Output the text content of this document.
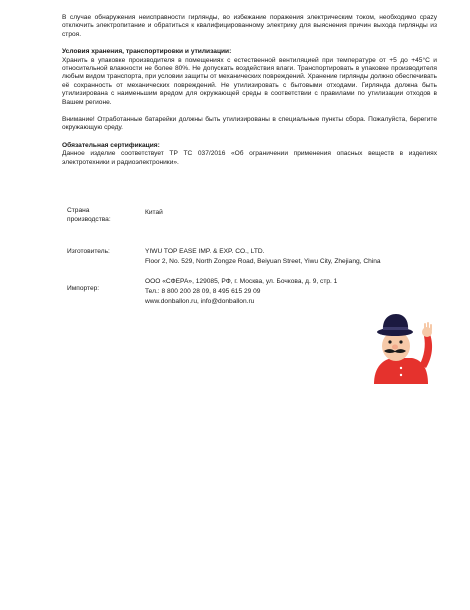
В случае обнаружения неисправности гирлянды, во избежание поражения электрическим током, необходимо срazy отключить электропитание и обратиться к квалифицированному электрику для выяснения причин выхода гирлянды из строя.

Условия хранения, транспортировки и утилизации:

Хранить в упаковке производителя в помещениях с естественной вентиляцией при температуре от +5 до +45°С и относительной влажности не более 80%. Не допускать воздействия влаги. Транспортировать в упаковке производителя любым видом транспорта, при условии защиты от механических повреждений. Хранение гирлянды должно обеспечивать её сохранность от механических повреждений. Не утилизировать с бытовыми отходами. Гирлянда должна быть утилизирована с наименьшим вредом для окружающей среды в соответствии с правилами по утилизации отходов в Вашем регионе.

Внимание! Отработанные батарейки должны быть утилизированы в специальные пункты сбора. Пожалуйста, берегите окружающую среду.

Обязательная сертификация:

Данное изделие соответствует ТР ТС 037/2016 «Об ограничении применения опасных веществ в изделиях электротехники и радиоэлектроники».

Страна производства:
Китай
Изготовитель:	YIWU TOP EASE IMP. & EXP. CO., LTD.
Floor 2, No. 529, North Zongze Road, Beiyuan Street, Yiwu City, Zhejiang, China
Импортер:
ООО «СФЕРА», 129085, РФ, г. Москва, ул. Бочкова, д. 9, стр. 1
Тел.: 8 800 200 28 09, 8 495 615 29 09
www.donballon.ru, info@donballon.ru
